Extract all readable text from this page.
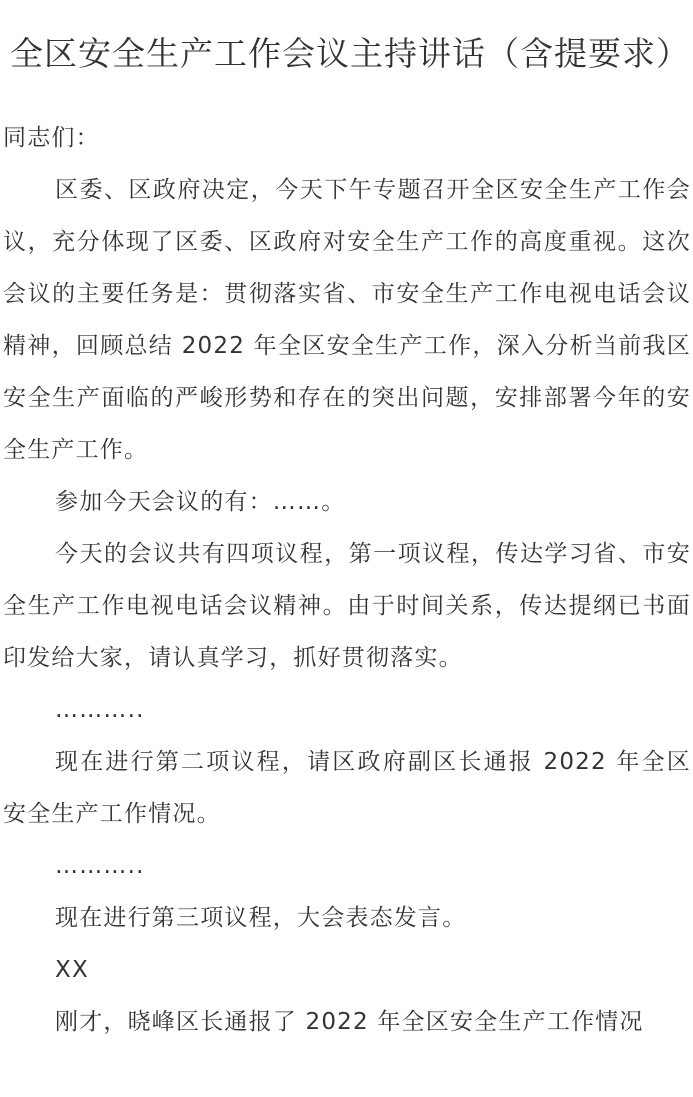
全区安全生产工作会议主持讲话（含提要求）

同志们：

区委、区政府决定，今天下午专题召开全区安全生产工作会议，充分体现了区委、区政府对安全生产工作的高度重视。这次会议的主要任务是：贯彻落实省、市安全生产工作电视电话会议精神，回顾总结 2022 年全区安全生产工作，深入分析当前我区安全生产面临的严峻形势和存在的突出问题，安排部署今年的安全生产工作。

参加今天会议的有：……。

今天的会议共有四项议程，第一项议程，传达学习省、市安全生产工作电视电话会议精神。由于时间关系，传达提纲已书面印发给大家，请认真学习，抓好贯彻落实。

………..

现在进行第二项议程，请区政府副区长通报 2022 年全区安全生产工作情况。

………..

现在进行第三项议程，大会表态发言。

XX

刚才，晓峰区长通报了 2022 年全区安全生产工作情况
